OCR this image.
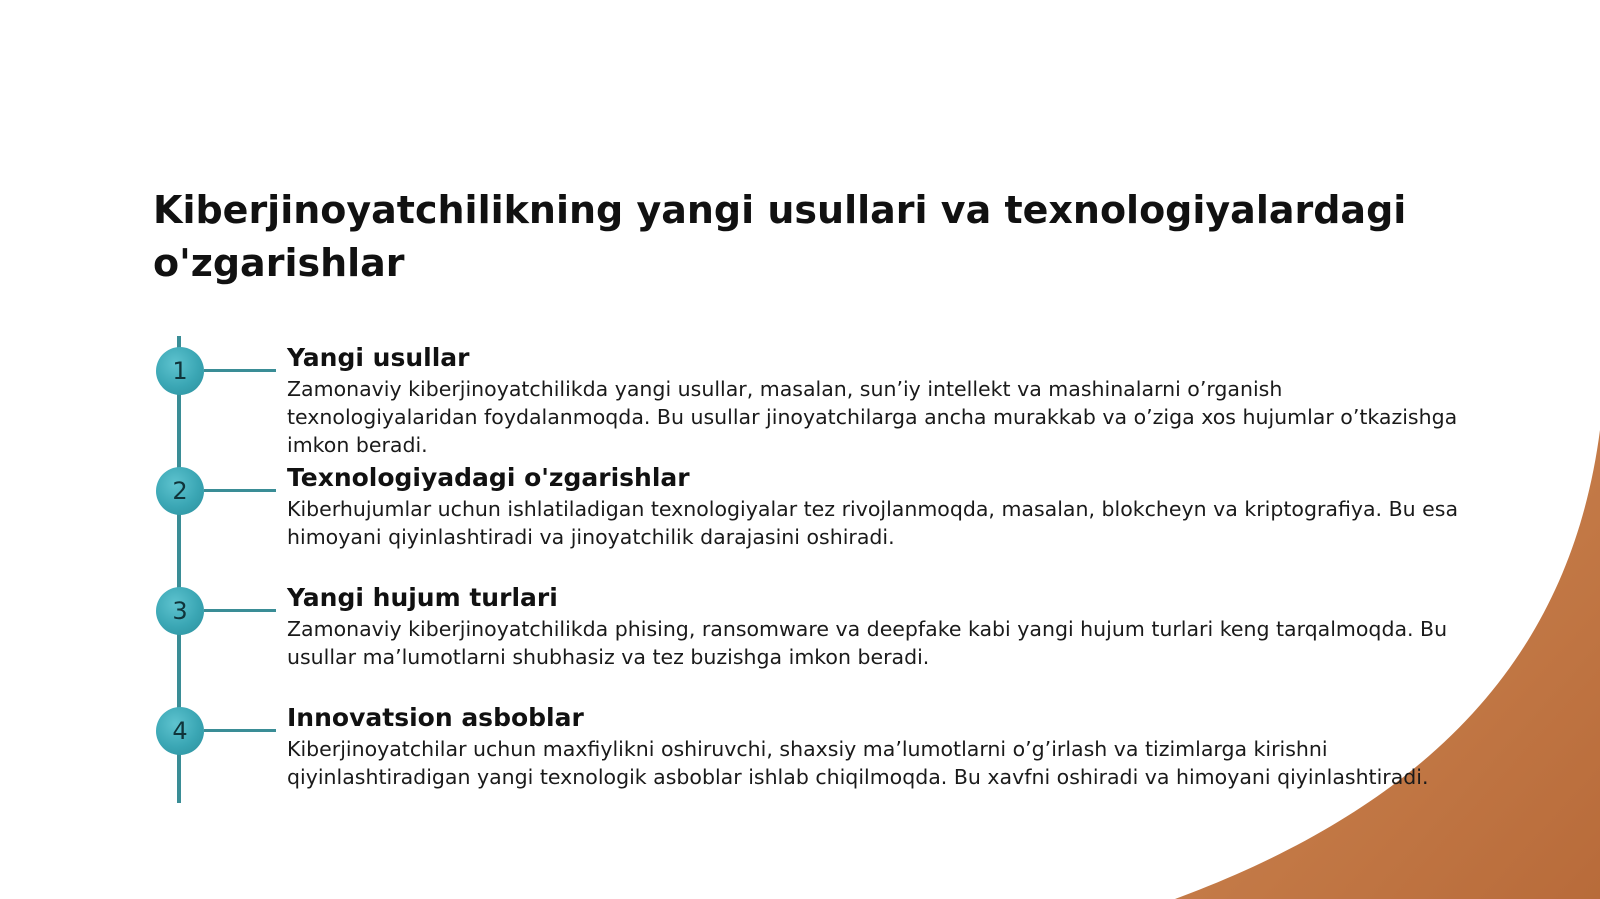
Kiberjinoyatchilikning yangi usullari va texnologiyalardagi o'zgarishlar
1	Yangi usullar

Zamonaviy kiberjinoyatchilikda yangi usullar, masalan, sun’iy intellekt va mashinalarni o’rganish texnologiyalaridan foydalanmoqda. Bu usullar jinoyatchilarga ancha murakkab va o’ziga xos hujumlar o’tkazishga imkon beradi.

2	Texnologiyadagi o'zgarishlar

Kiberhujumlar uchun ishlatiladigan texnologiyalar tez rivojlanmoqda, masalan, blokcheyn va kriptografiya. Bu esa himoyani qiyinlashtiradi va jinoyatchilik darajasini oshiradi.

3	Yangi hujum turlari

Zamonaviy kiberjinoyatchilikda phising, ransomware va deepfake kabi yangi hujum turlari keng tarqalmoqda. Bu usullar ma’lumotlarni shubhasiz va tez buzishga imkon beradi.

4	Innovatsion asboblar

Kiberjinoyatchilar uchun maxfiylikni oshiruvchi, shaxsiy ma’lumotlarni o’g’irlash va tizimlarga kirishni qiyinlashtiradigan yangi texnologik asboblar ishlab chiqilmoqda. Bu xavfni oshiradi va himoyani qiyinlashtiradi.
